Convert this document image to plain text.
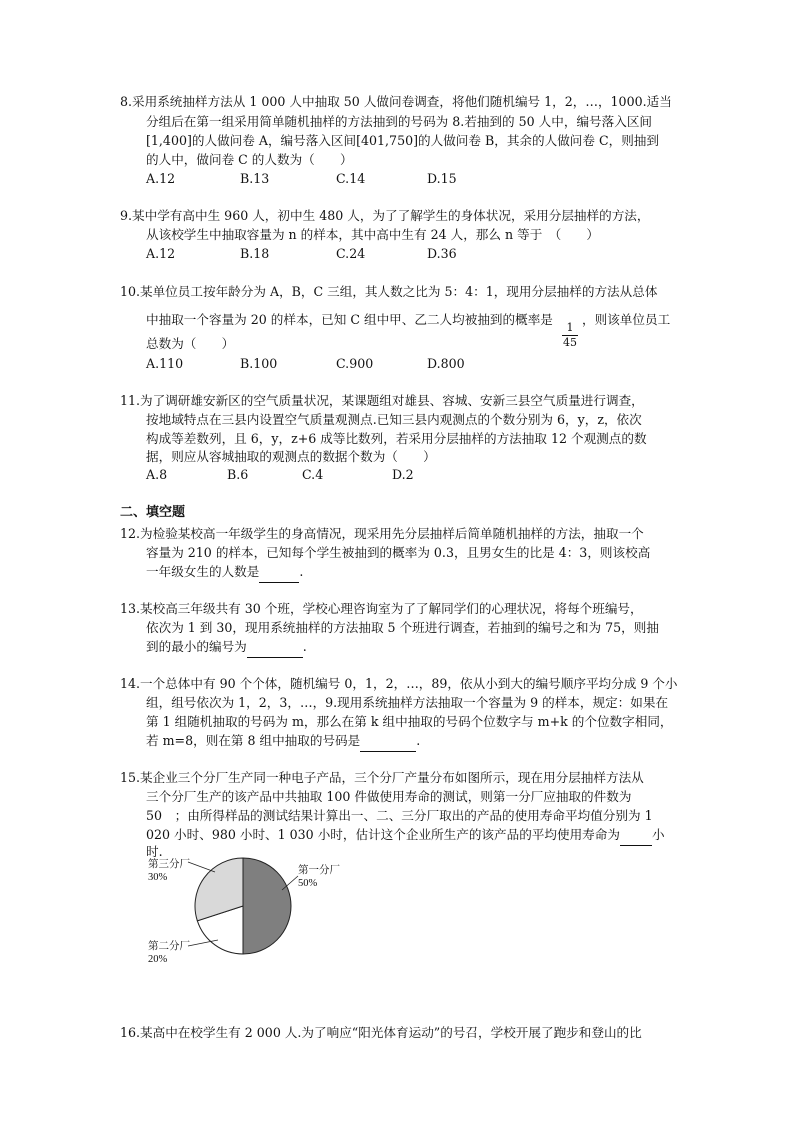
8.采用系统抽样方法从 1 000 人中抽取 50 人做问卷调查，将他们随机编号 1，2，…，1000.适当
分组后在第一组采用简单随机抽样的方法抽到的号码为 8.若抽到的 50 人中，编号落入区间
[1,400]的人做问卷 A，编号落入区间[401,750]的人做问卷 B，其余的人做问卷 C，则抽到
的人中，做问卷 C 的人数为（　　）
A.12	B.13	C.14	D.15
9.某中学有高中生 960 人，初中生 480 人，为了了解学生的身体状况，采用分层抽样的方法，
从该校学生中抽取容量为 n 的样本，其中高中生有 24 人，那么 n 等于　（　　）
A.12	B.18	C.24	D.36
10.某单位员工按年龄分为 A，B，C 三组，其人数之比为 5：4：1，现用分层抽样的方法从总体
中抽取一个容量为 20 的样本，已知 C 组中甲、乙二人均被抽到的概率是
1
45
，则该单位员工
总数为（　　）
A.110	B.100	C.900	D.800
11.为了调研雄安新区的空气质量状况，某课题组对雄县、容城、安新三县空气质量进行调查，
按地域特点在三县内设置空气质量观测点.已知三县内观测点的个数分别为 6，y，z，依次
构成等差数列，且 6，y，z+6 成等比数列，若采用分层抽样的方法抽取 12 个观测点的数
据，则应从容城抽取的观测点的数据个数为（　　）
A.8	B.6	C.4	D.2
二、填空题
12.为检验某校高一年级学生的身高情况，现采用先分层抽样后简单随机抽样的方法，抽取一个
容量为 210 的样本，已知每个学生被抽到的概率为 0.3，且男女生的比是 4：3，则该校高
一年级女生的人数是	.
13.某校高三年级共有 30 个班，学校心理咨询室为了了解同学们的心理状况，将每个班编号，
依次为 1 到 30，现用系统抽样的方法抽取 5 个班进行调查，若抽到的编号之和为 75，则抽
到的最小的编号为	.
14.一个总体中有 90 个个体，随机编号 0，1，2，…，89，依从小到大的编号顺序平均分成 9 个小
组，组号依次为 1，2，3，…，9.现用系统抽样方法抽取一个容量为 9 的样本，规定：如果在
第 1 组随机抽取的号码为 m，那么在第 k 组中抽取的号码个位数字与 m+k 的个位数字相同，
若 m=8，则在第 8 组中抽取的号码是	.
15.某企业三个分厂生产同一种电子产品，三个分厂产量分布如图所示，现在用分层抽样方法从
三个分厂生产的该产品中共抽取 100 件做使用寿命的测试，则第一分厂应抽取的件数为
50　；由所得样品的测试结果计算出一、二、三分厂取出的产品的使用寿命平均值分别为 1
020 小时、980 小时、1 030 小时，估计这个企业所生产的该产品的平均使用寿命为	小
时.
第三分厂
30%
第一分厂
50%
第二分厂
20%
16.某高中在校学生有 2 000 人.为了响应“阳光体育运动”的号召，学校开展了跑步和登山的比
